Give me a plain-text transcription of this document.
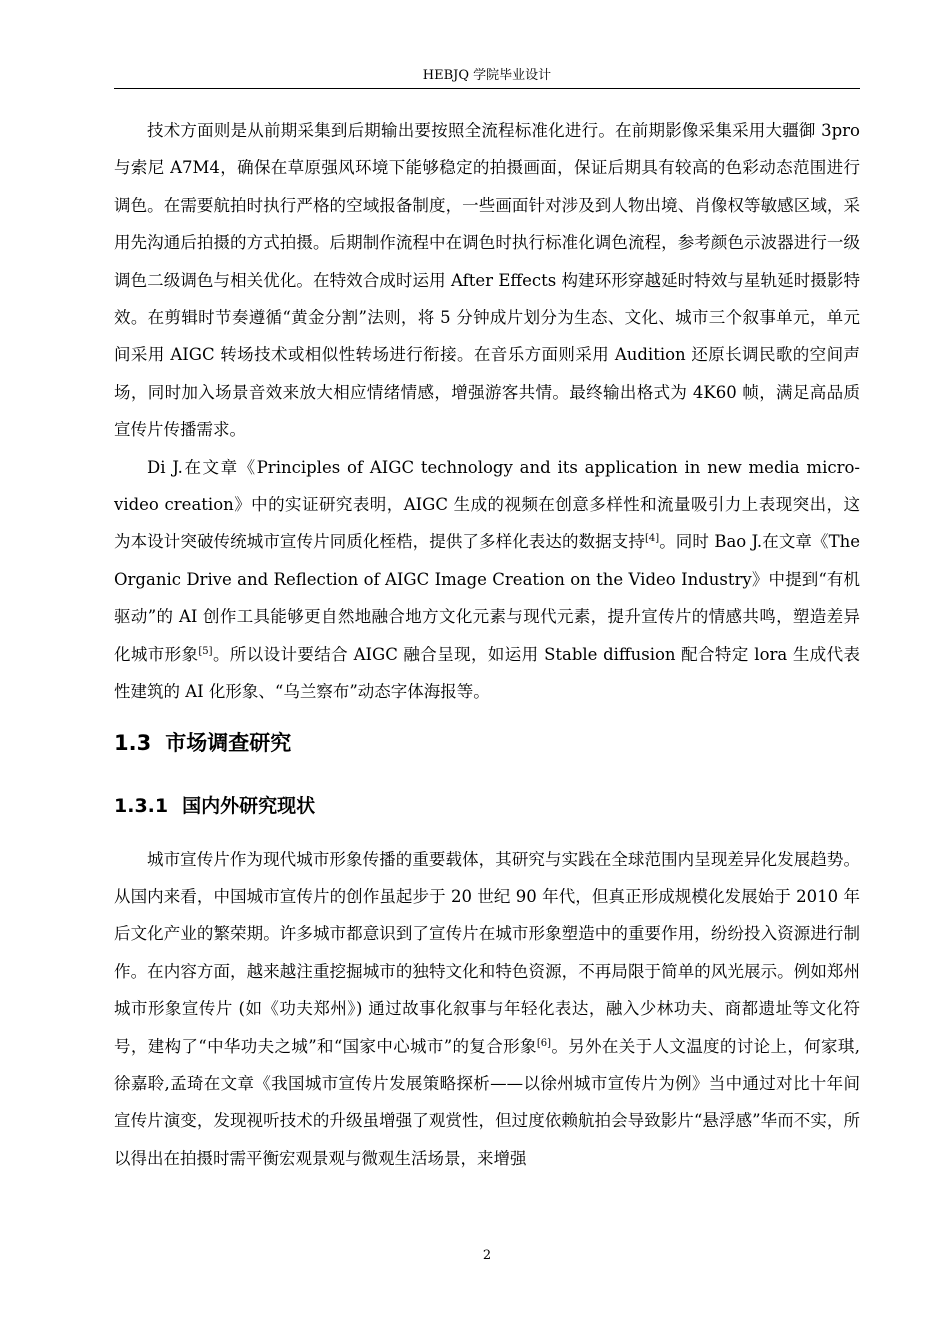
HEBJQ 学院毕业设计

技术方面则是从前期采集到后期输出要按照全流程标准化进行。在前期影像采集采用大疆御 3pro 与索尼 A7M4，确保在草原强风环境下能够稳定的拍摄画面，保证后期具有较高的色彩动态范围进行调色。在需要航拍时执行严格的空域报备制度，一些画面针对涉及到人物出境、肖像权等敏感区域，采用先沟通后拍摄的方式拍摄。后期制作流程中在调色时执行标准化调色流程，参考颜色示波器进行一级调色二级调色与相关优化。在特效合成时运用 After Effects 构建环形穿越延时特效与星轨延时摄影特效。在剪辑时节奏遵循“黄金分割”法则，将 5 分钟成片划分为生态、文化、城市三个叙事单元，单元间采用 AIGC 转场技术或相似性转场进行衔接。在音乐方面则采用 Audition 还原长调民歌的空间声场，同时加入场景音效来放大相应情绪情感，增强游客共情。最终输出格式为 4K60 帧，满足高品质宣传片传播需求。

Di J.在文章《Principles of AIGC technology and its application in new media micro-video creation》中的实证研究表明，AIGC 生成的视频在创意多样性和流量吸引力上表现突出，这为本设计突破传统城市宣传片同质化桎梏，提供了多样化表达的数据支持[4]。同时 Bao J.在文章《The Organic Drive and Reflection of AIGC Image Creation on the Video Industry》中提到“有机驱动”的 AI 创作工具能够更自然地融合地方文化元素与现代元素，提升宣传片的情感共鸣，塑造差异化城市形象[5]。所以设计要结合 AIGC 融合呈现，如运用 Stable diffusion 配合特定 lora 生成代表性建筑的 AI 化形象、“乌兰察布”动态字体海报等。

1.3 市场调查研究
1.3.1 国内外研究现状

城市宣传片作为现代城市形象传播的重要载体，其研究与实践在全球范围内呈现差异化发展趋势。从国内来看，中国城市宣传片的创作虽起步于 20 世纪 90 年代，但真正形成规模化发展始于 2010 年后文化产业的繁荣期。许多城市都意识到了宣传片在城市形象塑造中的重要作用，纷纷投入资源进行制作。在内容方面，越来越注重挖掘城市的独特文化和特色资源，不再局限于简单的风光展示。例如郑州城市形象宣传片 (如《功夫郑州》) 通过故事化叙事与年轻化表达，融入少林功夫、商都遗址等文化符号，建构了“中华功夫之城”和“国家中心城市”的复合形象[6]。另外在关于人文温度的讨论上，何家琪,徐嘉聆,孟琦在文章《我国城市宣传片发展策略探析——以徐州城市宣传片为例》当中通过对比十年间宣传片演变，发现视听技术的升级虽增强了观赏性，但过度依赖航拍会导致影片“悬浮感”华而不实，所以得出在拍摄时需平衡宏观景观与微观生活场景，来增强

2
